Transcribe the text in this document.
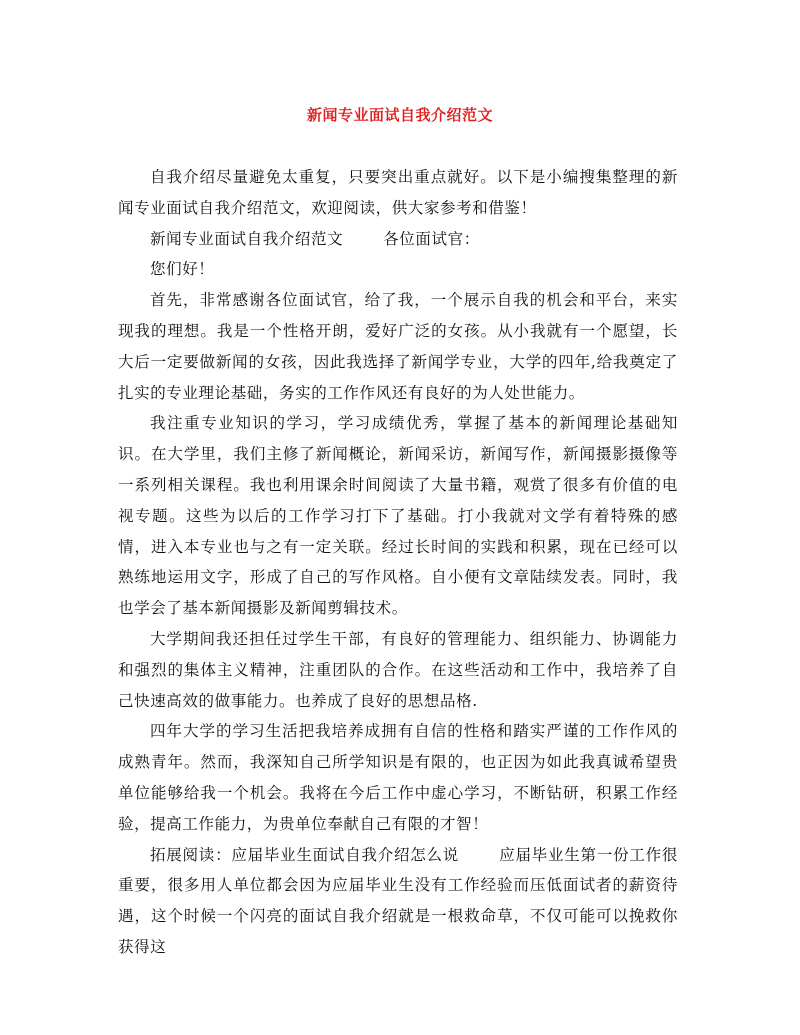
新闻专业面试自我介绍范文

自我介绍尽量避免太重复，只要突出重点就好。以下是小编搜集整理的新闻专业面试自我介绍范文，欢迎阅读，供大家参考和借鉴！

新闻专业面试自我介绍范文	各位面试官：

您们好！

首先，非常感谢各位面试官，给了我，一个展示自我的机会和平台，来实现我的理想。我是一个性格开朗，爱好广泛的女孩。从小我就有一个愿望，长大后一定要做新闻的女孩，因此我选择了新闻学专业，大学的四年,给我奠定了扎实的专业理论基础，务实的工作作风还有良好的为人处世能力。

我注重专业知识的学习，学习成绩优秀，掌握了基本的新闻理论基础知识。在大学里，我们主修了新闻概论，新闻采访，新闻写作，新闻摄影摄像等一系列相关课程。我也利用课余时间阅读了大量书籍，观赏了很多有价值的电视专题。这些为以后的工作学习打下了基础。打小我就对文学有着特殊的感情，进入本专业也与之有一定关联。经过长时间的实践和积累，现在已经可以熟练地运用文字，形成了自己的写作风格。自小便有文章陆续发表。同时，我也学会了基本新闻摄影及新闻剪辑技术。

大学期间我还担任过学生干部，有良好的管理能力、组织能力、协调能力和强烈的集体主义精神，注重团队的合作。在这些活动和工作中，我培养了自己快速高效的做事能力。也养成了良好的思想品格.

四年大学的学习生活把我培养成拥有自信的性格和踏实严谨的工作作风的成熟青年。然而，我深知自己所学知识是有限的，也正因为如此我真诚希望贵单位能够给我一个机会。我将在今后工作中虚心学习，不断钻研，积累工作经验，提高工作能力，为贵单位奉献自己有限的才智！

拓展阅读：应届毕业生面试自我介绍怎么说	应届毕业生第一份工作很重要，很多用人单位都会因为应届毕业生没有工作经验而压低面试者的薪资待遇，这个时候一个闪亮的面试自我介绍就是一根救命草，不仅可能可以挽救你获得这
